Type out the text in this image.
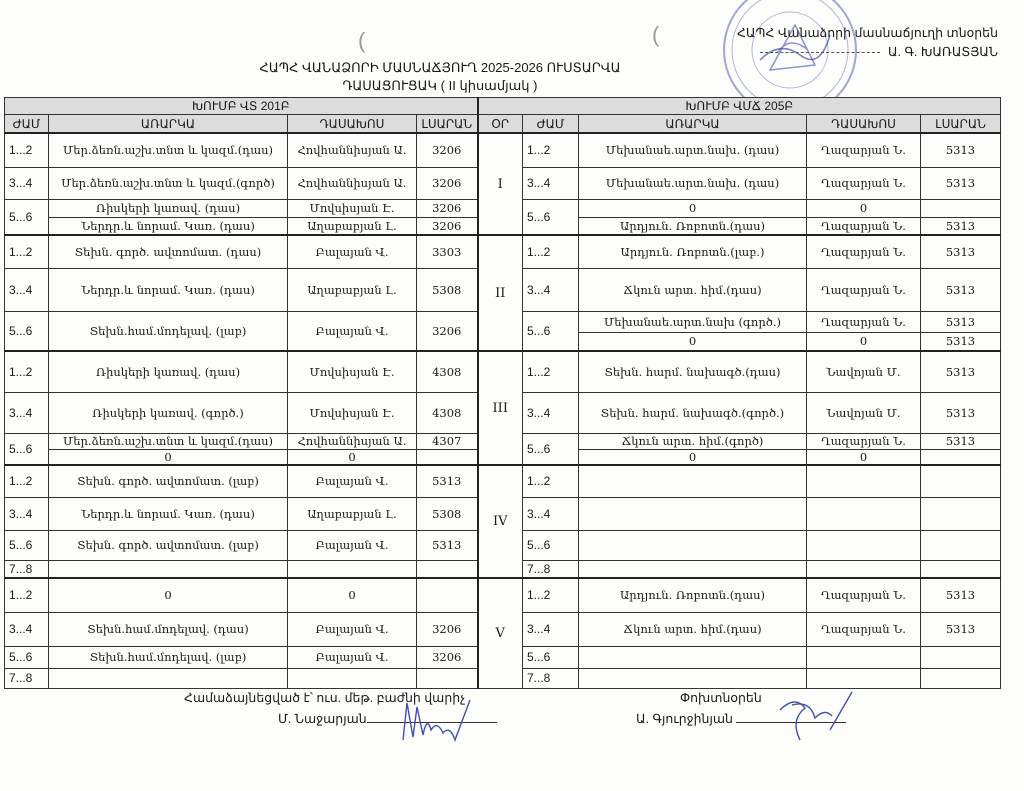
ՀԱՊՀ Վանաձորի մասնաճյուղի տնօրեն
Ա. Գ. ԽԱՌԱՏՅԱՆ
(	(
ՀԱՊՀ ՎԱՆԱՁՈՐԻ ՄԱՍՆԱՃՅՈՒՂ 2025-2026 ՈՒՍՏԱՐՎԱ
ԴԱՍԱՑՈՒՑԱԿ ( II կիսամյակ )
ԽՈՒՄԲ ՎՏ 201Բ				ԽՈՒՄԲ ՎՄՃ 205Բ				
ԺԱՄ	ԱՌԱՐԿԱ	ԴԱՍԱԽՈՍ	ԼՍԱՐԱՆ	ՕՐ	ԺԱՄ	ԱՌԱՐԿԱ	ԴԱՍԱԽՈՍ	ԼՍԱՐԱՆ
1...2	Մեր.ձեռն.աշխ.տնտ և կազմ.(դաս)	Հովհաննիսյան Ա.	3206	I	1...2	Մեխանաե.արտ.նախ. (դաս)	Ղազարյան Ն.	5313
3...4	Մեր.ձեռն.աշխ.տնտ և կազմ.(գործ)	Հովհաննիսյան Ա.	3206		3...4	Մեխանաե.արտ.նախ. (դաս)	Ղազարյան Ն.	5313
5...6	Ռիսկերի կառավ. (դաս)	Մովսիսյան Է.	3206		5...6	0	0	
	Ներդր.և նորամ. Կառ. (դաս)	Աղաբաբյան Լ.	3206			Արդյուն. Ռոբոտն.(դաս)	Ղազարյան Ն.	5313
1...2	Տեխն. գործ. ավտոմատ. (դաս)	Բալայան Վ.	3303	II	1...2	Արդյուն. Ռոբոտն.(լաբ.)	Ղազարյան Ն.	5313
3...4	Ներդր.և նորամ. Կառ. (դաս)	Աղաբաբյան Լ.	5308		3...4	Ճկուն արտ. հիմ.(դաս)	Ղազարյան Ն.	5313
5...6	Տեխն.համ.մոդելավ. (լաբ)	Բալայան Վ.	3206		5...6	Մեխանաե.արտ.նախ (գործ.)	Ղազարյան Ն.	5313
						0	0	5313
1...2	Ռիսկերի կառավ. (դաս)	Մովսիսյան Է.	4308	III	1...2	Տեխն. հարմ. նախագծ.(դաս)	Նավոյան Մ.	5313
3...4	Ռիսկերի կառավ. (գործ.)	Մովսիսյան Է.	4308		3...4	Տեխն. հարմ. նախագծ.(գործ.)	Նավոյան Մ.	5313
5...6	Մեր.ձեռն.աշխ.տնտ և կազմ.(դաս)	Հովհաննիսյան Ա.	4307		5...6	Ճկուն արտ. հիմ.(գործ)	Ղազարյան Ն.	5313
	0	0				0	0	
1...2	Տեխն. գործ. ավտոմատ. (լաբ)	Բալայան Վ.	5313	IV	1...2			
3...4	Ներդր.և նորամ. Կառ. (դաս)	Աղաբաբյան Լ.	5308		3...4			
5...6	Տեխն. գործ. ավտոմատ. (լաբ)	Բալայան Վ.	5313		5...6			
7...8					7...8			
1...2	0	0		V	1...2	Արդյուն. Ռոբոտն.(դաս)	Ղազարյան Ն.	5313
3...4	Տեխն.համ.մոդելավ. (դաս)	Բալայան Վ.	3206		3...4	Ճկուն արտ. հիմ.(դաս)	Ղազարյան Ն.	5313
5...6	Տեխն.համ.մոդելավ. (լաբ)	Բալայան Վ.	3206		5...6			
7...8					7...8			
Համաձայնեցված է՝ ուս. մեթ. բաժնի վարիչ
Մ. Նաջարյան
Փոխտնօրեն
Ա. Գյուրջինյան
